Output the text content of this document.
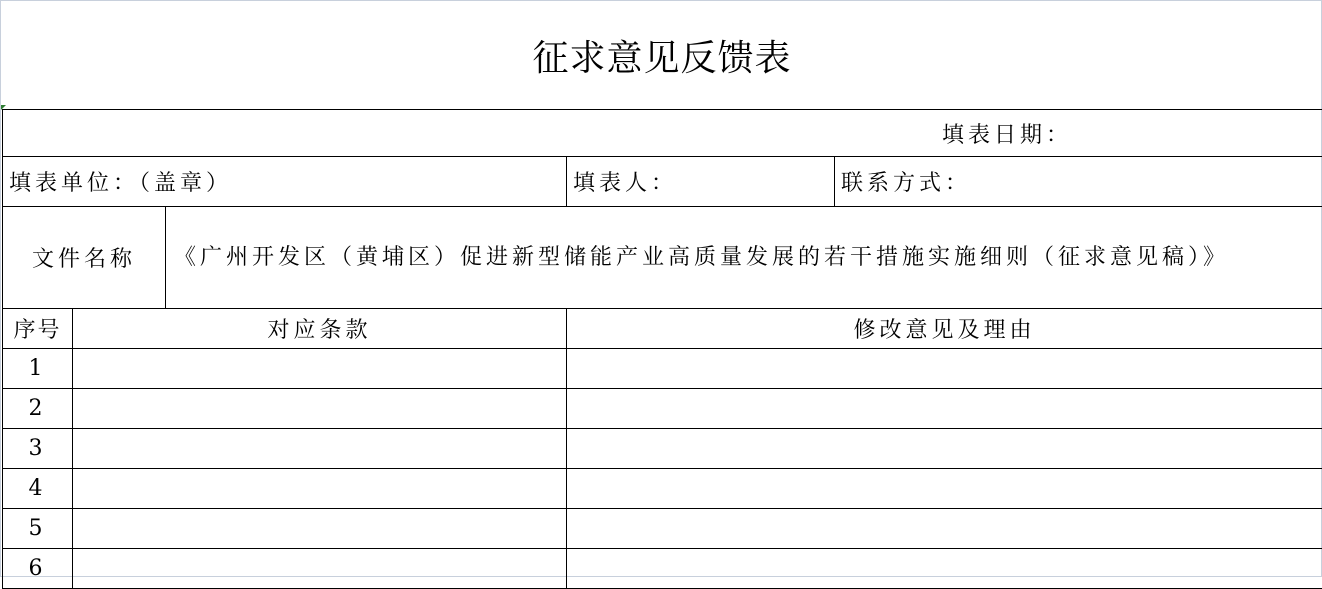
征求意见反馈表
填表日期：				
填表单位：（盖章）			填表人：	联系方式：
文件名称		《广州开发区（黄埔区）促进新型储能产业高质量发展的若干措施实施细则（征求意见稿）》		
序号	对应条款		修改意见及理由	
1				
2				
3				
4				
5				
6				
